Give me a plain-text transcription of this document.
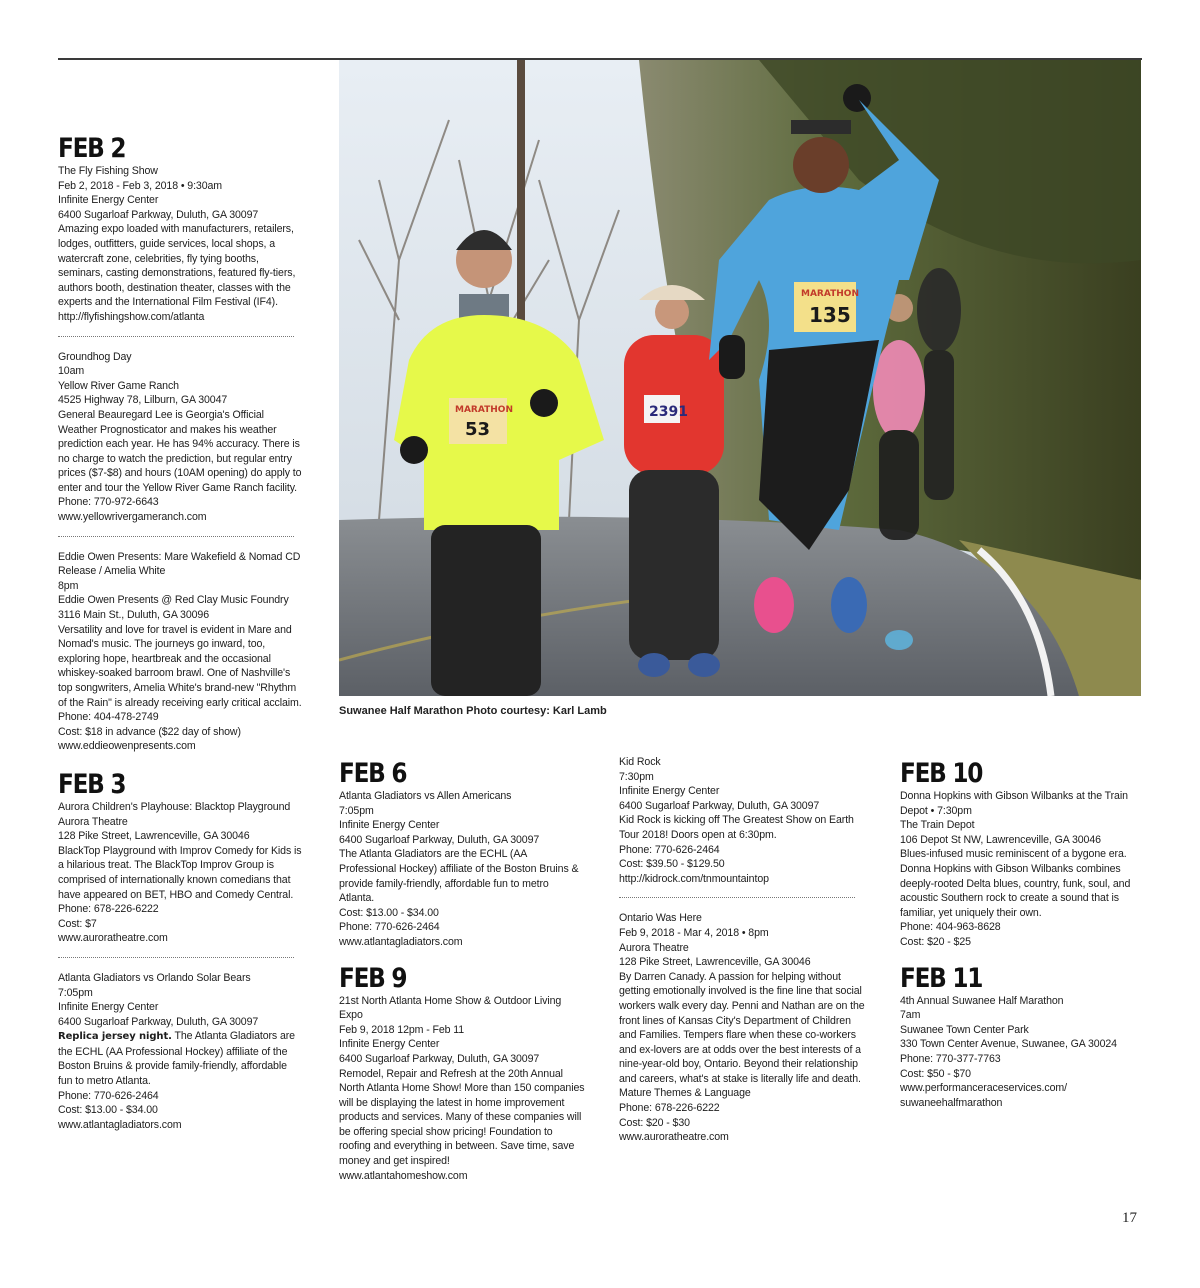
FEB 2

The Fly Fishing Show
Feb 2, 2018 - Feb 3, 2018 • 9:30am
Infinite Energy Center
6400 Sugarloaf Parkway, Duluth, GA 30097
Amazing expo loaded with manufacturers, retailers, lodges, outfitters, guide services, local shops, a watercraft zone, celebrities, fly tying booths, seminars, casting demonstrations, featured fly-tiers, authors booth, destination theater, classes with the experts and the International Film Festival (IF4).
http://flyfishingshow.com/atlanta

Groundhog Day
10am
Yellow River Game Ranch
4525 Highway 78, Lilburn, GA 30047
General Beauregard Lee is Georgia's Official Weather Prognosticator and makes his weather prediction each year. He has 94% accuracy. There is no charge to watch the prediction, but regular entry prices ($7-$8) and hours (10AM opening) do apply to enter and tour the Yellow River Game Ranch facility.
Phone: 770-972-6643
www.yellowrivergameranch.com

Eddie Owen Presents: Mare Wakefield & Nomad CD Release / Amelia White
8pm
Eddie Owen Presents @ Red Clay Music Foundry
3116 Main St., Duluth, GA 30096
Versatility and love for travel is evident in Mare and Nomad's music. The journeys go inward, too, exploring hope, heartbreak and the occasional whiskey-soaked barroom brawl. One of Nashville's top songwriters, Amelia White's brand-new "Rhythm of the Rain" is already receiving early critical acclaim.
Phone: 404-478-2749
Cost: $18 in advance ($22 day of show)
www.eddieowenpresents.com

FEB 3

Aurora Children's Playhouse: Blacktop Playground
Aurora Theatre
128 Pike Street, Lawrenceville, GA 30046
BlackTop Playground with Improv Comedy for Kids is a hilarious treat. The BlackTop Improv Group is comprised of internationally known comedians that have appeared on BET, HBO and Comedy Central.
Phone: 678-226-6222
Cost: $7
www.auroratheatre.com

Atlanta Gladiators vs Orlando Solar Bears
7:05pm
Infinite Energy Center
6400 Sugarloaf Parkway, Duluth, GA 30097
Replica jersey night. The Atlanta Gladiators are the ECHL (AA Professional Hockey) affiliate of the Boston Bruins & provide family-friendly, affordable fun to metro Atlanta.
Phone: 770-626-2464
Cost: $13.00 - $34.00
www.atlantagladiators.com

2391
MARATHON
53
MARATHON
135
Suwanee Half Marathon Photo courtesy: Karl Lamb
FEB 6

Atlanta Gladiators vs Allen Americans
7:05pm
Infinite Energy Center
6400 Sugarloaf Parkway, Duluth, GA 30097
The Atlanta Gladiators are the ECHL (AA Professional Hockey) affiliate of the Boston Bruins & provide family-friendly, affordable fun to metro Atlanta.
Cost: $13.00 - $34.00
Phone: 770-626-2464
www.atlantagladiators.com

FEB 9

21st North Atlanta Home Show & Outdoor Living Expo
Feb 9, 2018 12pm - Feb 11
Infinite Energy Center
6400 Sugarloaf Parkway, Duluth, GA 30097
Remodel, Repair and Refresh at the 20th Annual North Atlanta Home Show! More than 150 companies will be displaying the latest in home improvement products and services. Many of these companies will be offering special show pricing! Foundation to roofing and everything in between. Save time, save money and get inspired!
www.atlantahomeshow.com

Kid Rock
7:30pm
Infinite Energy Center
6400 Sugarloaf Parkway, Duluth, GA 30097
Kid Rock is kicking off The Greatest Show on Earth Tour 2018! Doors open at 6:30pm.
Phone: 770-626-2464
Cost: $39.50 - $129.50
http://kidrock.com/tnmountaintop

Ontario Was Here
Feb 9, 2018 - Mar 4, 2018 • 8pm
Aurora Theatre
128 Pike Street, Lawrenceville, GA 30046
By Darren Canady. A passion for helping without getting emotionally involved is the fine line that social workers walk every day. Penni and Nathan are on the front lines of Kansas City's Department of Children and Families. Tempers flare when these co-workers and ex-lovers are at odds over the best interests of a nine-year-old boy, Ontario. Beyond their relationship and careers, what's at stake is literally life and death.
Mature Themes & Language
Phone: 678-226-6222
Cost: $20 - $30
www.auroratheatre.com

FEB 10

Donna Hopkins with Gibson Wilbanks at the Train Depot • 7:30pm
The Train Depot
106 Depot St NW, Lawrenceville, GA 30046
Blues-infused music reminiscent of a bygone era. Donna Hopkins with Gibson Wilbanks combines deeply-rooted Delta blues, country, funk, soul, and acoustic Southern rock to create a sound that is familiar, yet uniquely their own.
Phone: 404-963-8628
Cost: $20 - $25

FEB 11

4th Annual Suwanee Half Marathon
7am
Suwanee Town Center Park
330 Town Center Avenue, Suwanee, GA 30024
Phone: 770-377-7763
Cost: $50 - $70
www.performanceraceservices.com/
suwaneehalfmarathon

17
